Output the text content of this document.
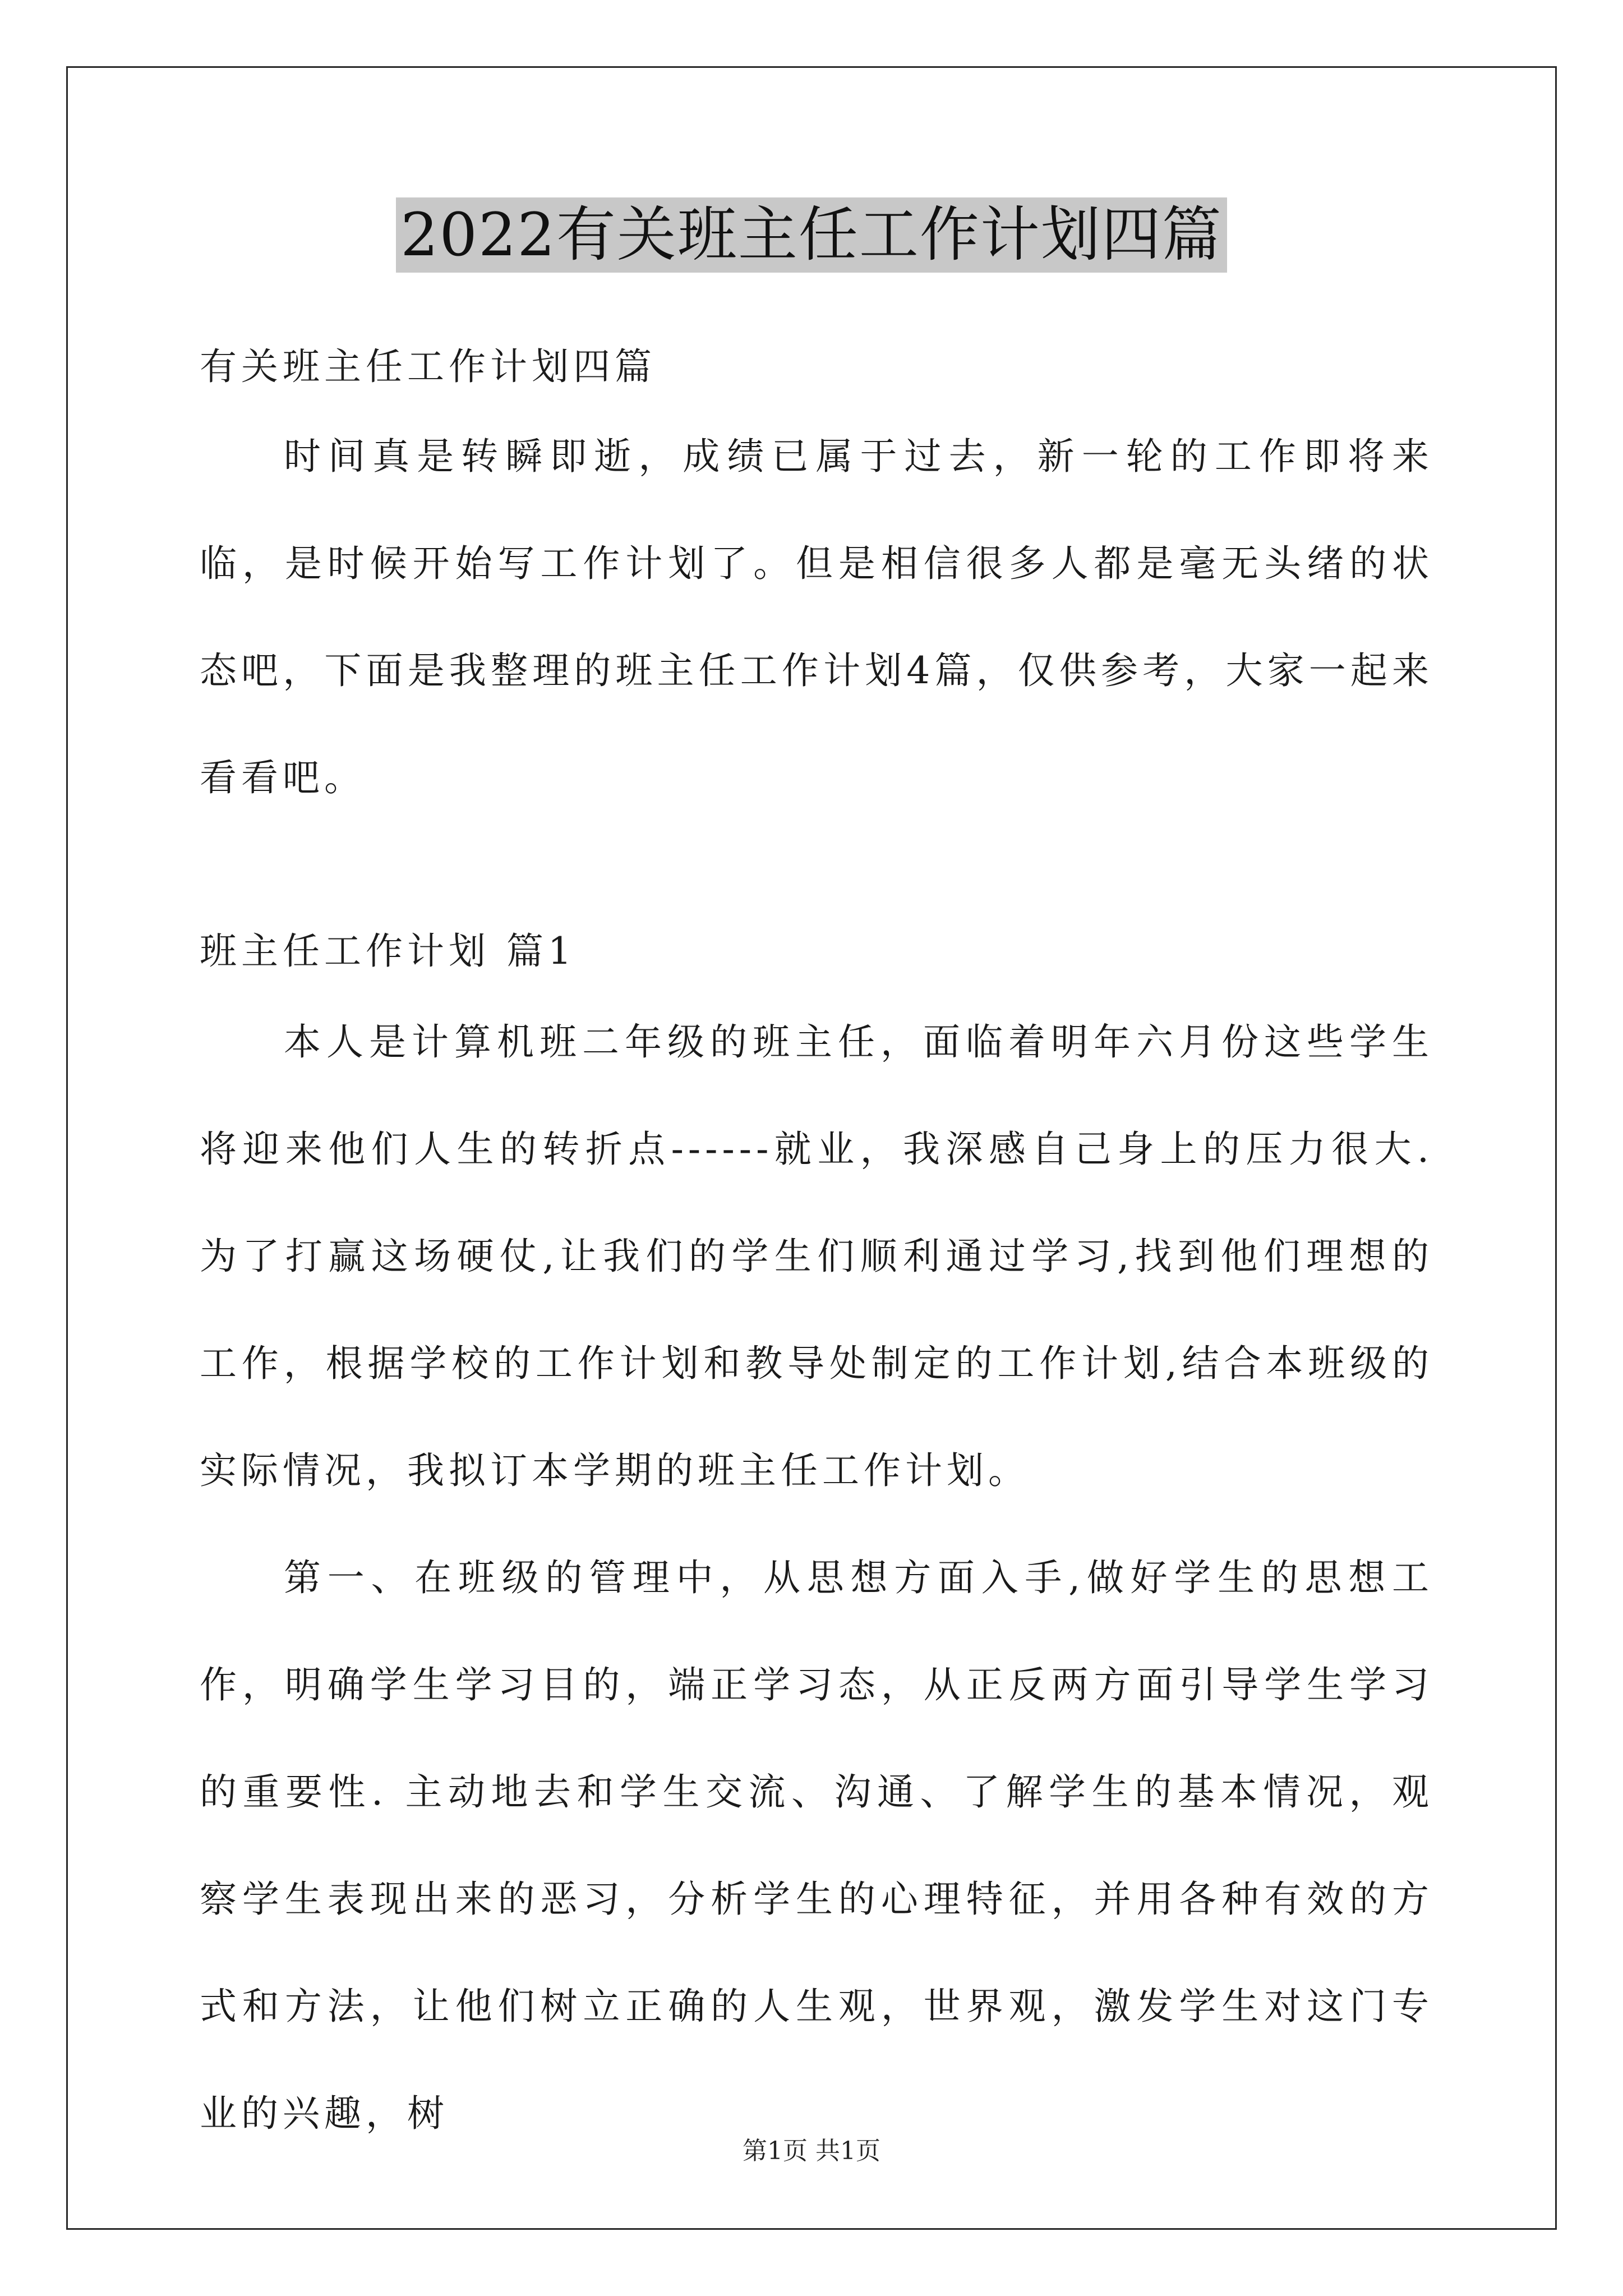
2022有关班主任工作计划四篇
有关班主任工作计划四篇
时间真是转瞬即逝，成绩已属于过去，新一轮的工作即将来临，是时候开始写工作计划了。但是相信很多人都是毫无头绪的状态吧，下面是我整理的班主任工作计划4篇，仅供参考，大家一起来看看吧。
班主任工作计划 篇1
本人是计算机班二年级的班主任，面临着明年六月份这些学生将迎来他们人生的转折点------就业，我深感自己身上的压力很大. 为了打赢这场硬仗,让我们的学生们顺利通过学习,找到他们理想的工作，根据学校的工作计划和教导处制定的工作计划,结合本班级的实际情况，我拟订本学期的班主任工作计划。
第一、在班级的管理中，从思想方面入手,做好学生的思想工作，明确学生学习目的，端正学习态，从正反两方面引导学生学习的重要性. 主动地去和学生交流、沟通、了解学生的基本情况，观察学生表现出来的恶习，分析学生的心理特征，并用各种有效的方式和方法，让他们树立正确的人生观，世界观，激发学生对这门专业的兴趣，树
第1页 共1页
